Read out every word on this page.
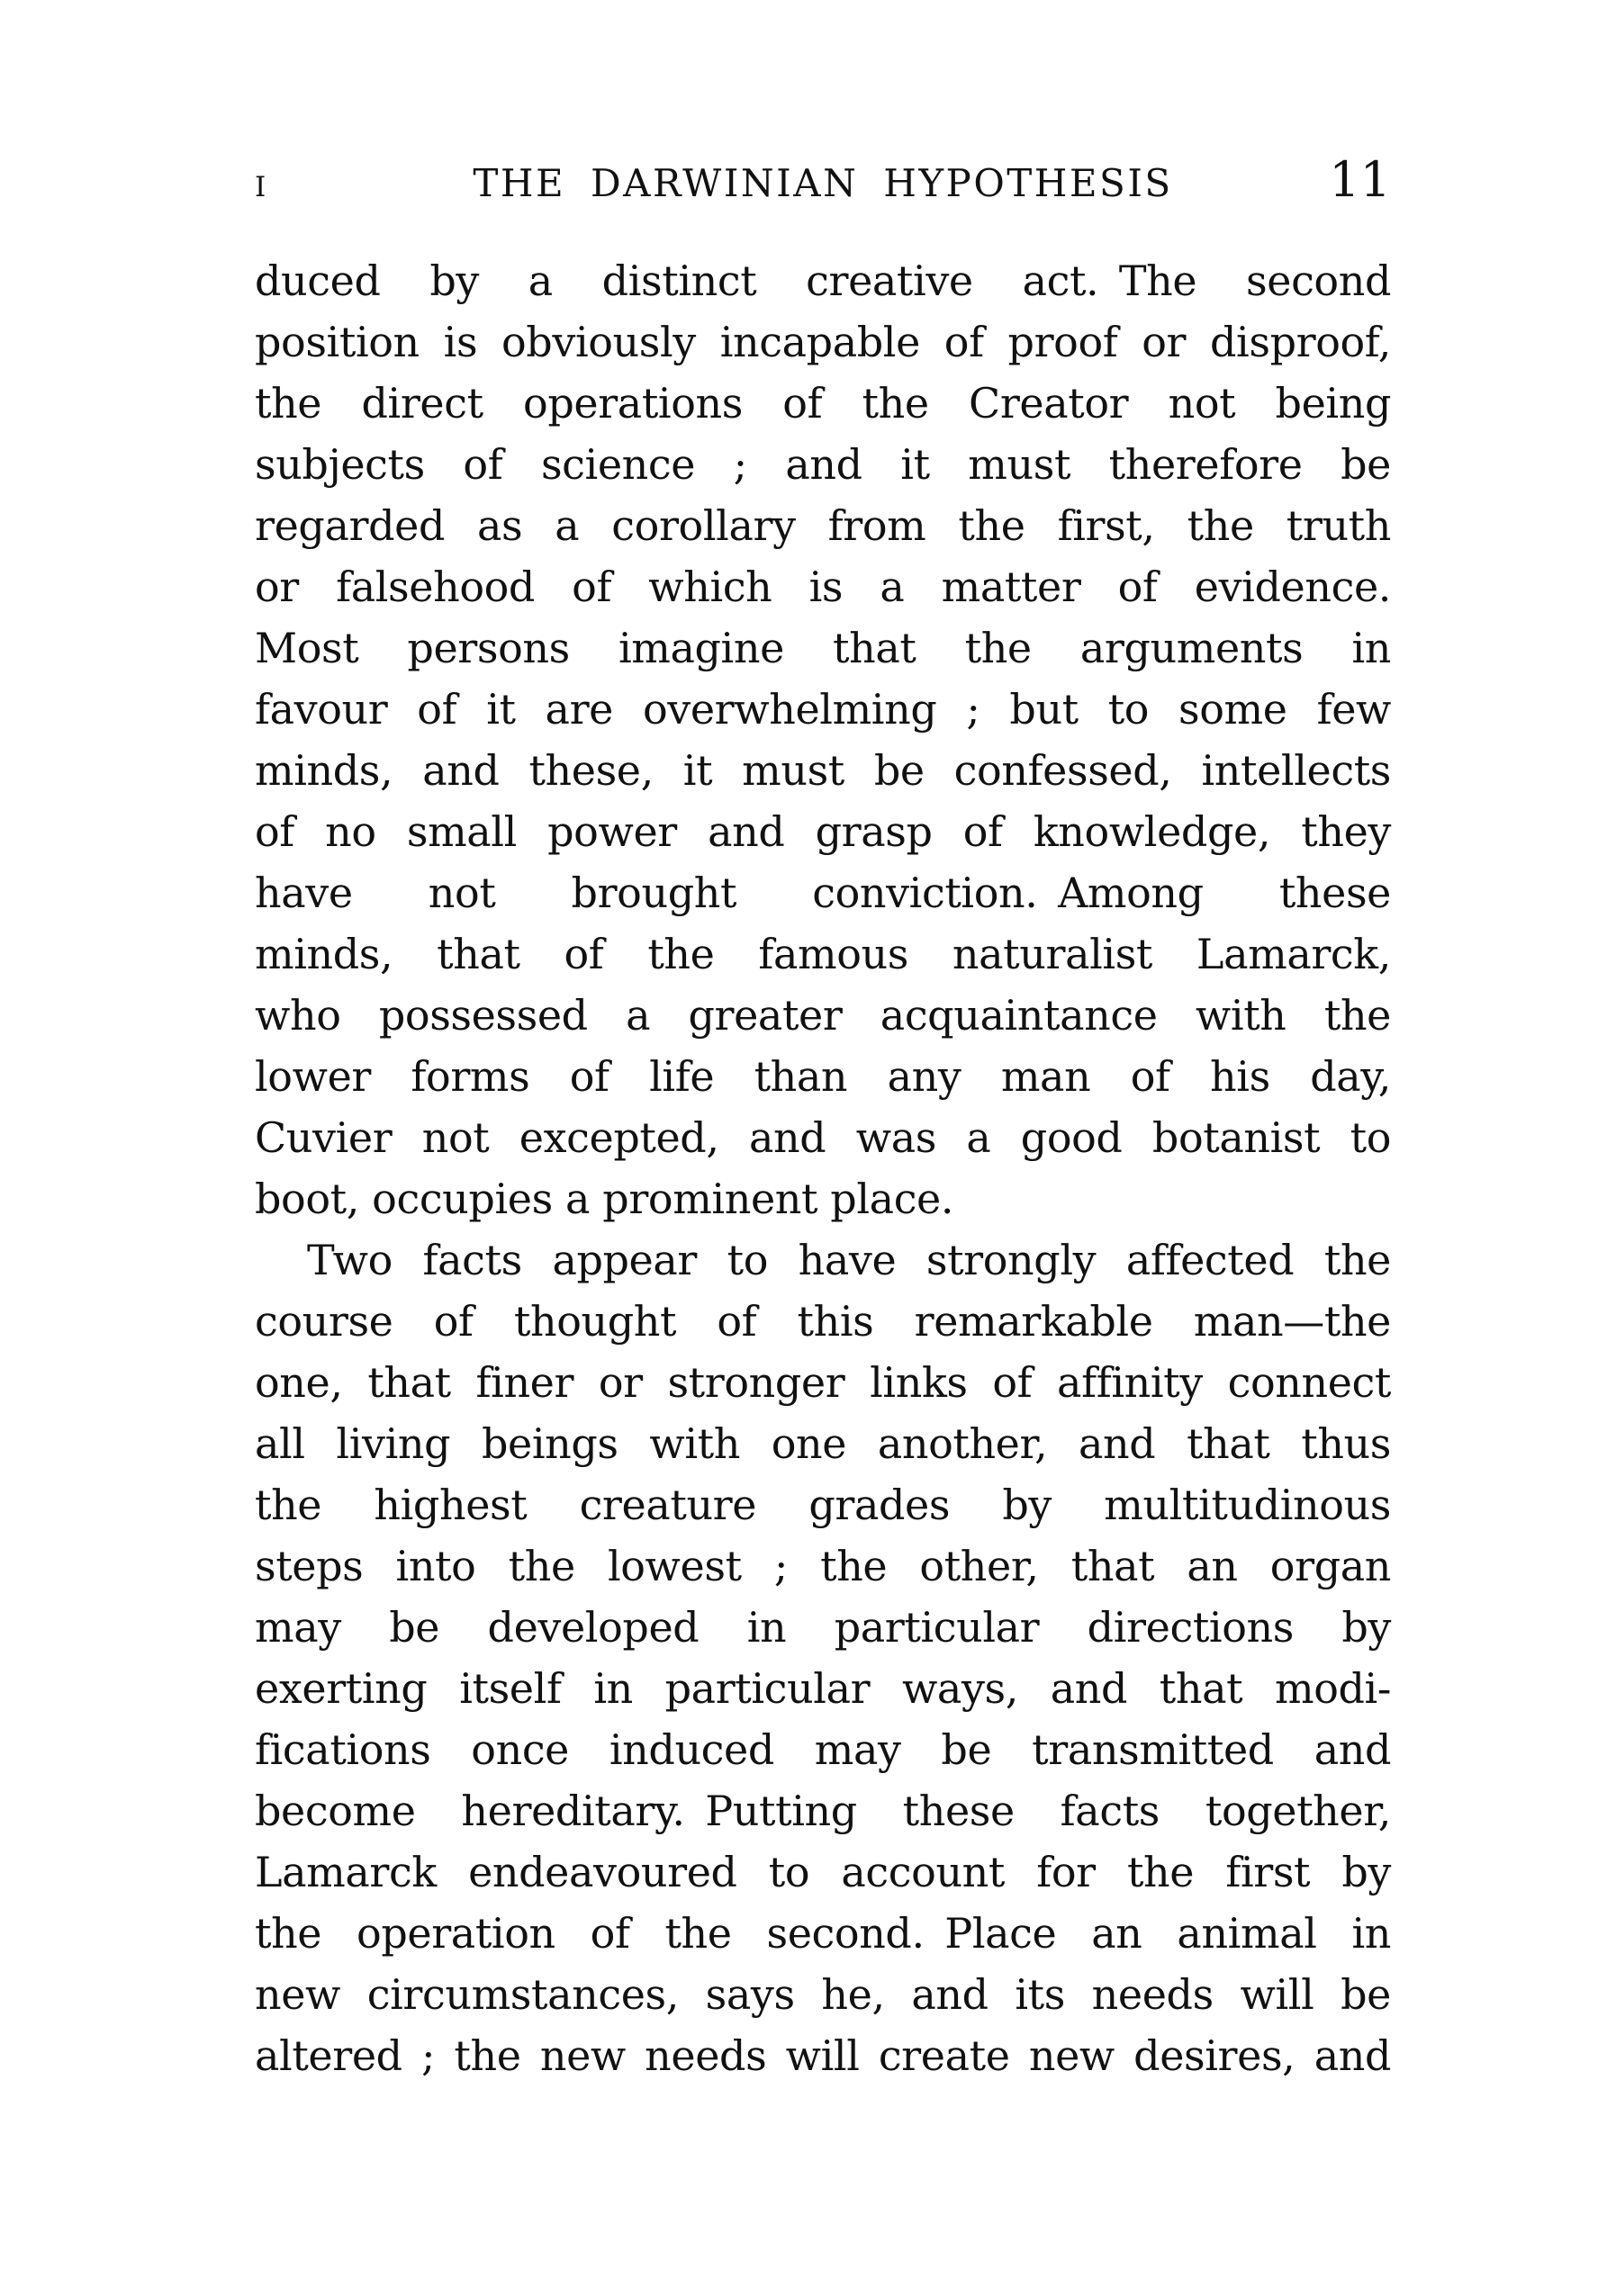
I	THE DARWINIAN HYPOTHESIS	11
duced by a distinct creative act. The second
position is obviously incapable of proof or disproof,
the direct operations of the Creator not being
subjects of science ; and it must therefore be
regarded as a corollary from the first, the truth
or falsehood of which is a matter of evidence.
Most persons imagine that the arguments in
favour of it are overwhelming ; but to some few
minds, and these, it must be confessed, intellects
of no small power and grasp of knowledge, they
have not brought conviction. Among these
minds, that of the famous naturalist Lamarck,
who possessed a greater acquaintance with the
lower forms of life than any man of his day,
Cuvier not excepted, and was a good botanist to
boot, occupies a prominent place.
Two facts appear to have strongly affected the
course of thought of this remarkable man—the
one, that finer or stronger links of affinity connect
all living beings with one another, and that thus
the highest creature grades by multitudinous
steps into the lowest ; the other, that an organ
may be developed in particular directions by
exerting itself in particular ways, and that modi-
fications once induced may be transmitted and
become hereditary. Putting these facts together,
Lamarck endeavoured to account for the first by
the operation of the second. Place an animal in
new circumstances, says he, and its needs will be
altered ; the new needs will create new desires, and
